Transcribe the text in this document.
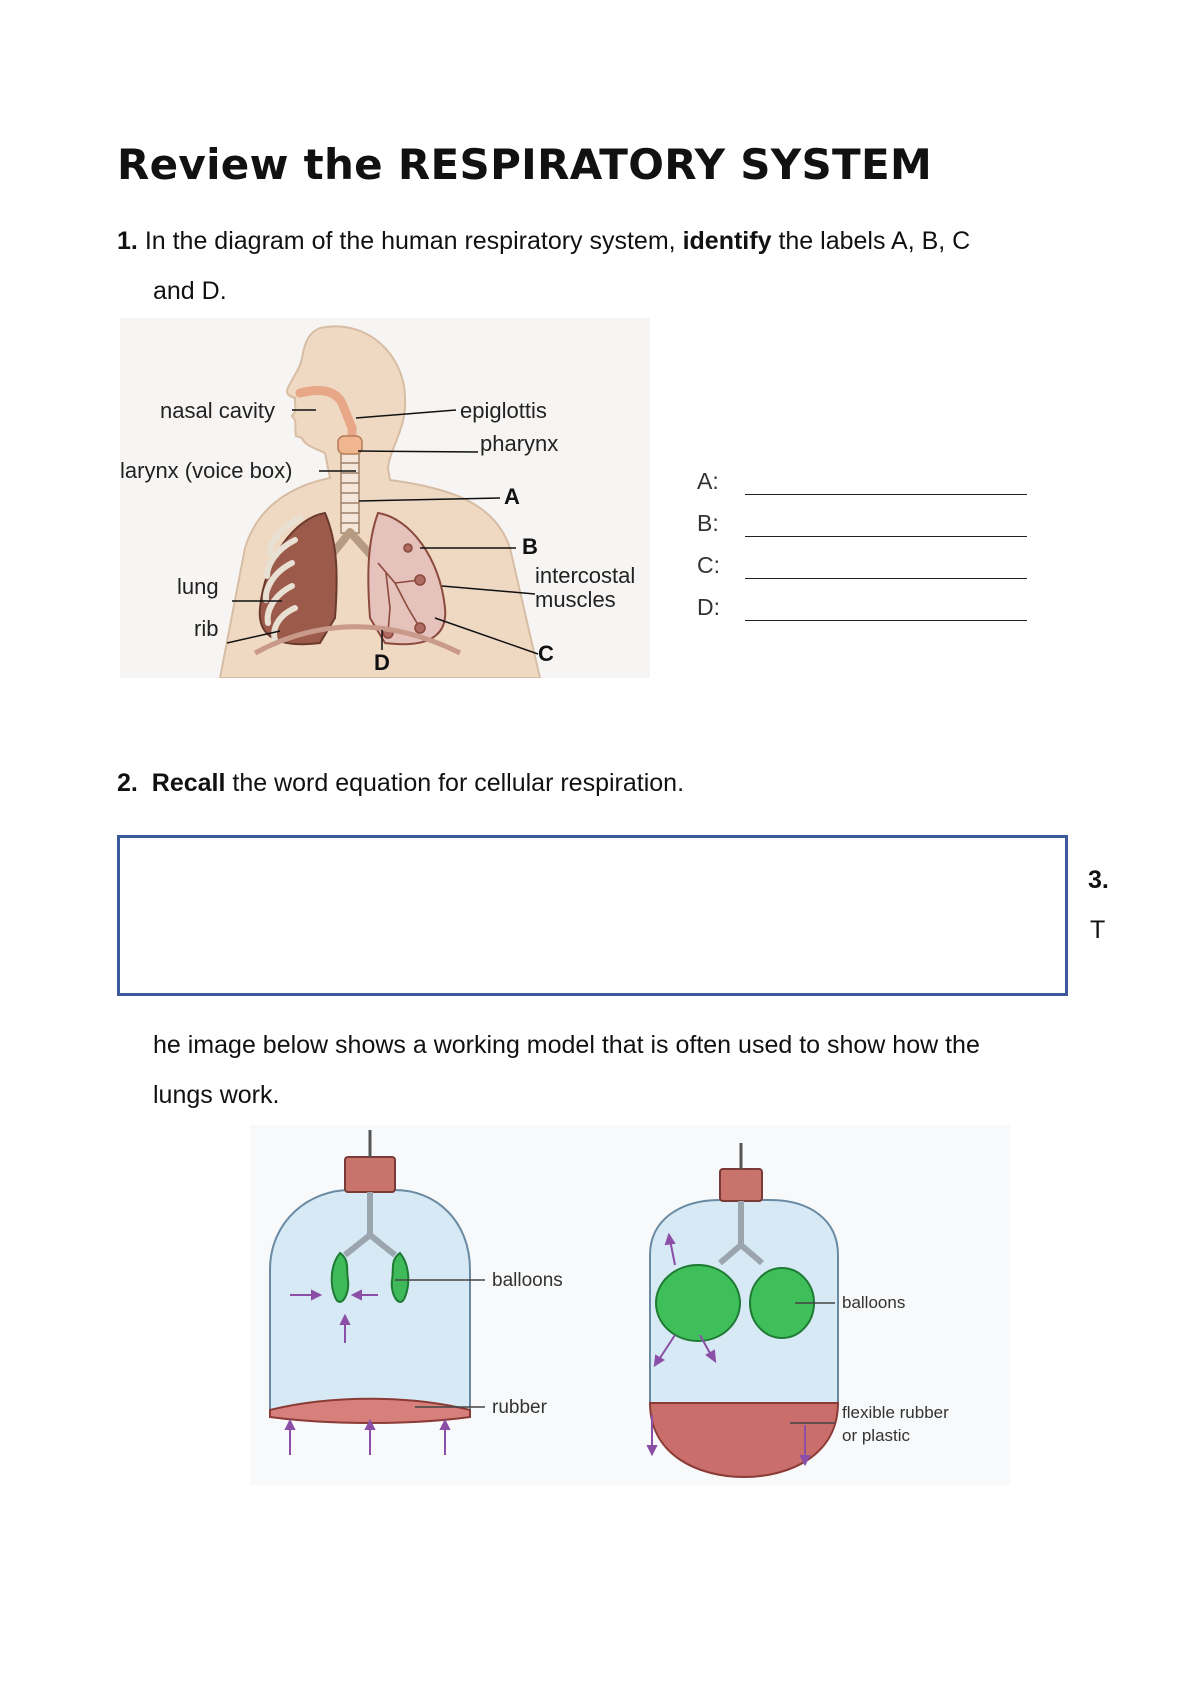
Review the RESPIRATORY SYSTEM
1. In the diagram of the human respiratory system, identify the labels A, B, C
and D.
nasal cavity	epiglottis
pharynx
larynx (voice box)
A
B
intercostal
muscles
lung
rib
C
D
A:
B:
C:
D:
2. Recall the word equation for cellular respiration.
3.
T
he image below shows a working model that is often used to show how the
lungs work.
balloons
rubber
balloons
flexible rubber
or plastic
